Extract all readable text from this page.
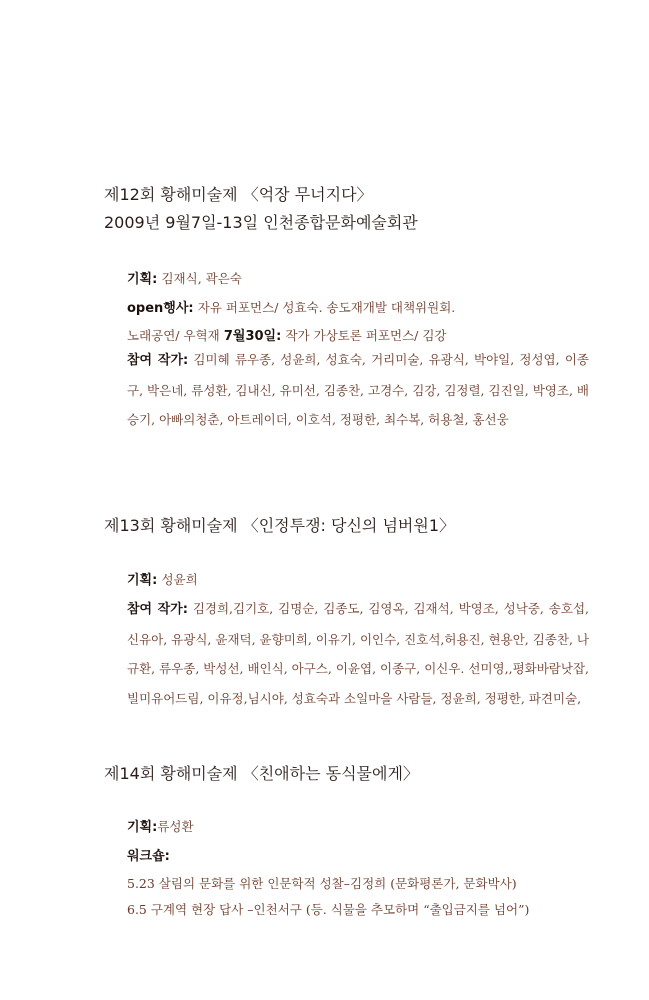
제12회 황해미술제 〈억장 무너지다〉
2009년 9월7일-13일 인천종합문화예술회관
기획: 김재식, 곽은숙
open행사: 자유 퍼포먼스/ 성효숙. 송도재개발 대책위원회.
노래공연/ 우혁재 7월30일: 작가 가상토론 퍼포먼스/ 김강
참여 작가: 김미혜 류우종, 성윤희, 성효숙, 거리미술, 유광식, 박야일, 정성엽, 이종구, 박은네, 류성환, 김내신, 유미선, 김종찬, 고경수, 김강, 김정렬, 김진일, 박영조, 배승기, 아빠의청춘, 아트레이더, 이호석, 정평한, 최수복, 허용철, 홍선웅
제13회 황해미술제 〈인정투쟁: 당신의 넘버원1〉
기획: 성윤희
참여 작가: 김경희,김기호, 김명순, 김종도, 김영옥, 김재석, 박영조, 성낙중, 송호섭, 신유아, 유광식, 윤재덕, 윤향미희, 이유기, 이인수, 진호석,허용진, 현용안, 김종찬, 나규환, 류우종, 박성선, 배인식, 아구스, 이윤엽, 이종구, 이신우. 선미영,,평화바람낫잡, 빌미유어드림, 이유정,님시야, 성효숙과 소일마을 사람들, 정윤희, 정평한, 파견미술,
제14회 황해미술제 〈친애하는 동식물에게〉
기획:류성환
워크숍:
5.23 살림의 문화를 위한 인문학적 성찰–김정희 (문화평론가, 문화박사)
6.5 구계역 현장 답사 –인천서구 (등. 식물을 추모하며 “출입금지를 넘어”)
